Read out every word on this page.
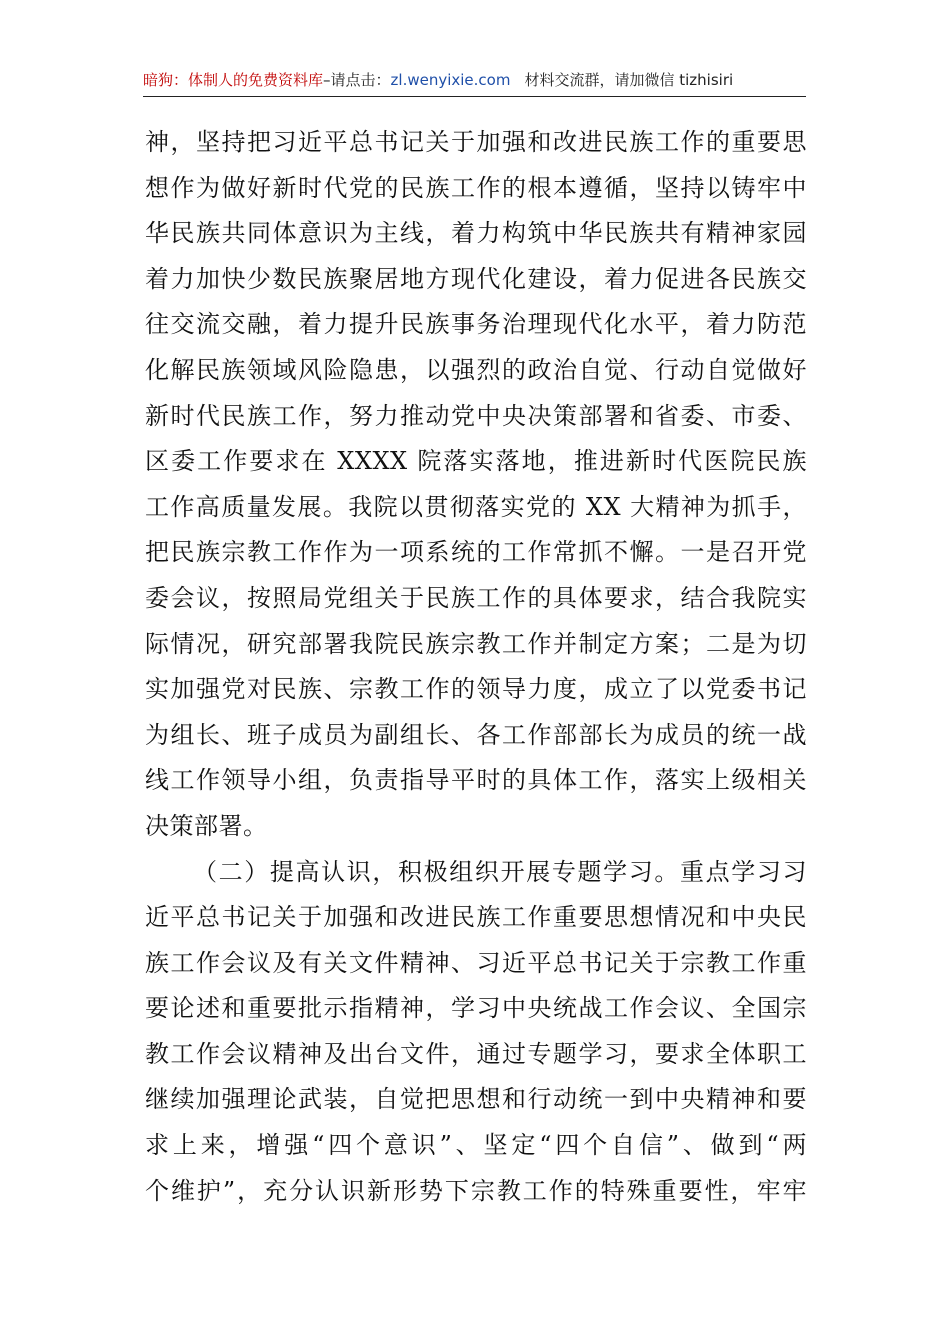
暗狗：体制人的免费资料库–请点击：zl.wenyixie.com 材料交流群，请加微信 tizhisiri
神，坚持把习近平总书记关于加强和改进民族工作的重要思
想作为做好新时代党的民族工作的根本遵循，坚持以铸牢中
华民族共同体意识为主线，着力构筑中华民族共有精神家园
着力加快少数民族聚居地方现代化建设，着力促进各民族交
往交流交融，着力提升民族事务治理现代化水平，着力防范
化解民族领域风险隐患，以强烈的政治自觉、行动自觉做好
新时代民族工作，努力推动党中央决策部署和省委、市委、
区委工作要求在 XXXX 院落实落地，推进新时代医院民族
工作高质量发展。我院以贯彻落实党的 XX 大精神为抓手，
把民族宗教工作作为一项系统的工作常抓不懈。一是召开党
委会议，按照局党组关于民族工作的具体要求，结合我院实
际情况，研究部署我院民族宗教工作并制定方案；二是为切
实加强党对民族、宗教工作的领导力度，成立了以党委书记
为组长、班子成员为副组长、各工作部部长为成员的统一战
线工作领导小组，负责指导平时的具体工作，落实上级相关
决策部署。
（二）提高认识，积极组织开展专题学习。重点学习习
近平总书记关于加强和改进民族工作重要思想情况和中央民
族工作会议及有关文件精神、习近平总书记关于宗教工作重
要论述和重要批示指精神，学习中央统战工作会议、全国宗
教工作会议精神及出台文件，通过专题学习，要求全体职工
继续加强理论武装，自觉把思想和行动统一到中央精神和要
求上来，增强“四个意识”、坚定“四个自信”、做到“两
个维护”，充分认识新形势下宗教工作的特殊重要性，牢牢
